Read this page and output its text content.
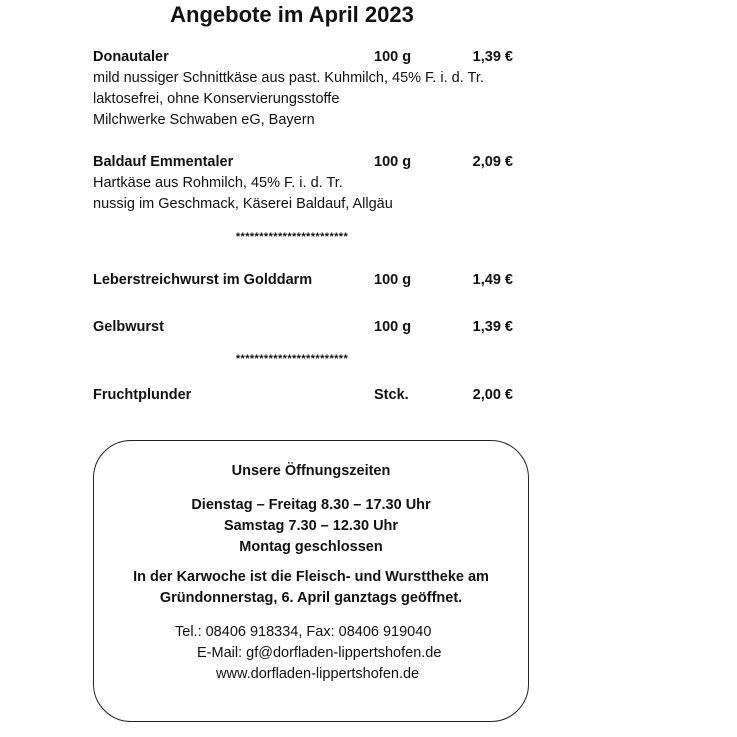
Angebote im April 2023
Donautaler	100 g	1,39 €
mild nussiger Schnittkäse aus past. Kuhmilch, 45% F. i. d. Tr.
laktosefrei, ohne Konservierungsstoffe
Milchwerke Schwaben eG, Bayern
Baldauf Emmentaler	100 g	2,09 €
Hartkäse aus Rohmilch, 45% F. i. d. Tr.
nussig im Geschmack, Käserei Baldauf, Allgäu
************************
Leberstreichwurst im Golddarm	100 g	1,49 €
Gelbwurst	100 g	1,39 €
************************
Fruchtplunder	Stck.	2,00 €
Unsere Öffnungszeiten
Dienstag – Freitag 8.30 – 17.30 Uhr
Samstag 7.30 – 12.30 Uhr
Montag geschlossen
In der Karwoche ist die Fleisch- und Wursttheke am
Gründonnerstag, 6. April ganztags geöffnet.
Tel.: 08406 918334, Fax: 08406 919040
E-Mail: gf@dorfladen-lippertshofen.de
www.dorfladen-lippertshofen.de
